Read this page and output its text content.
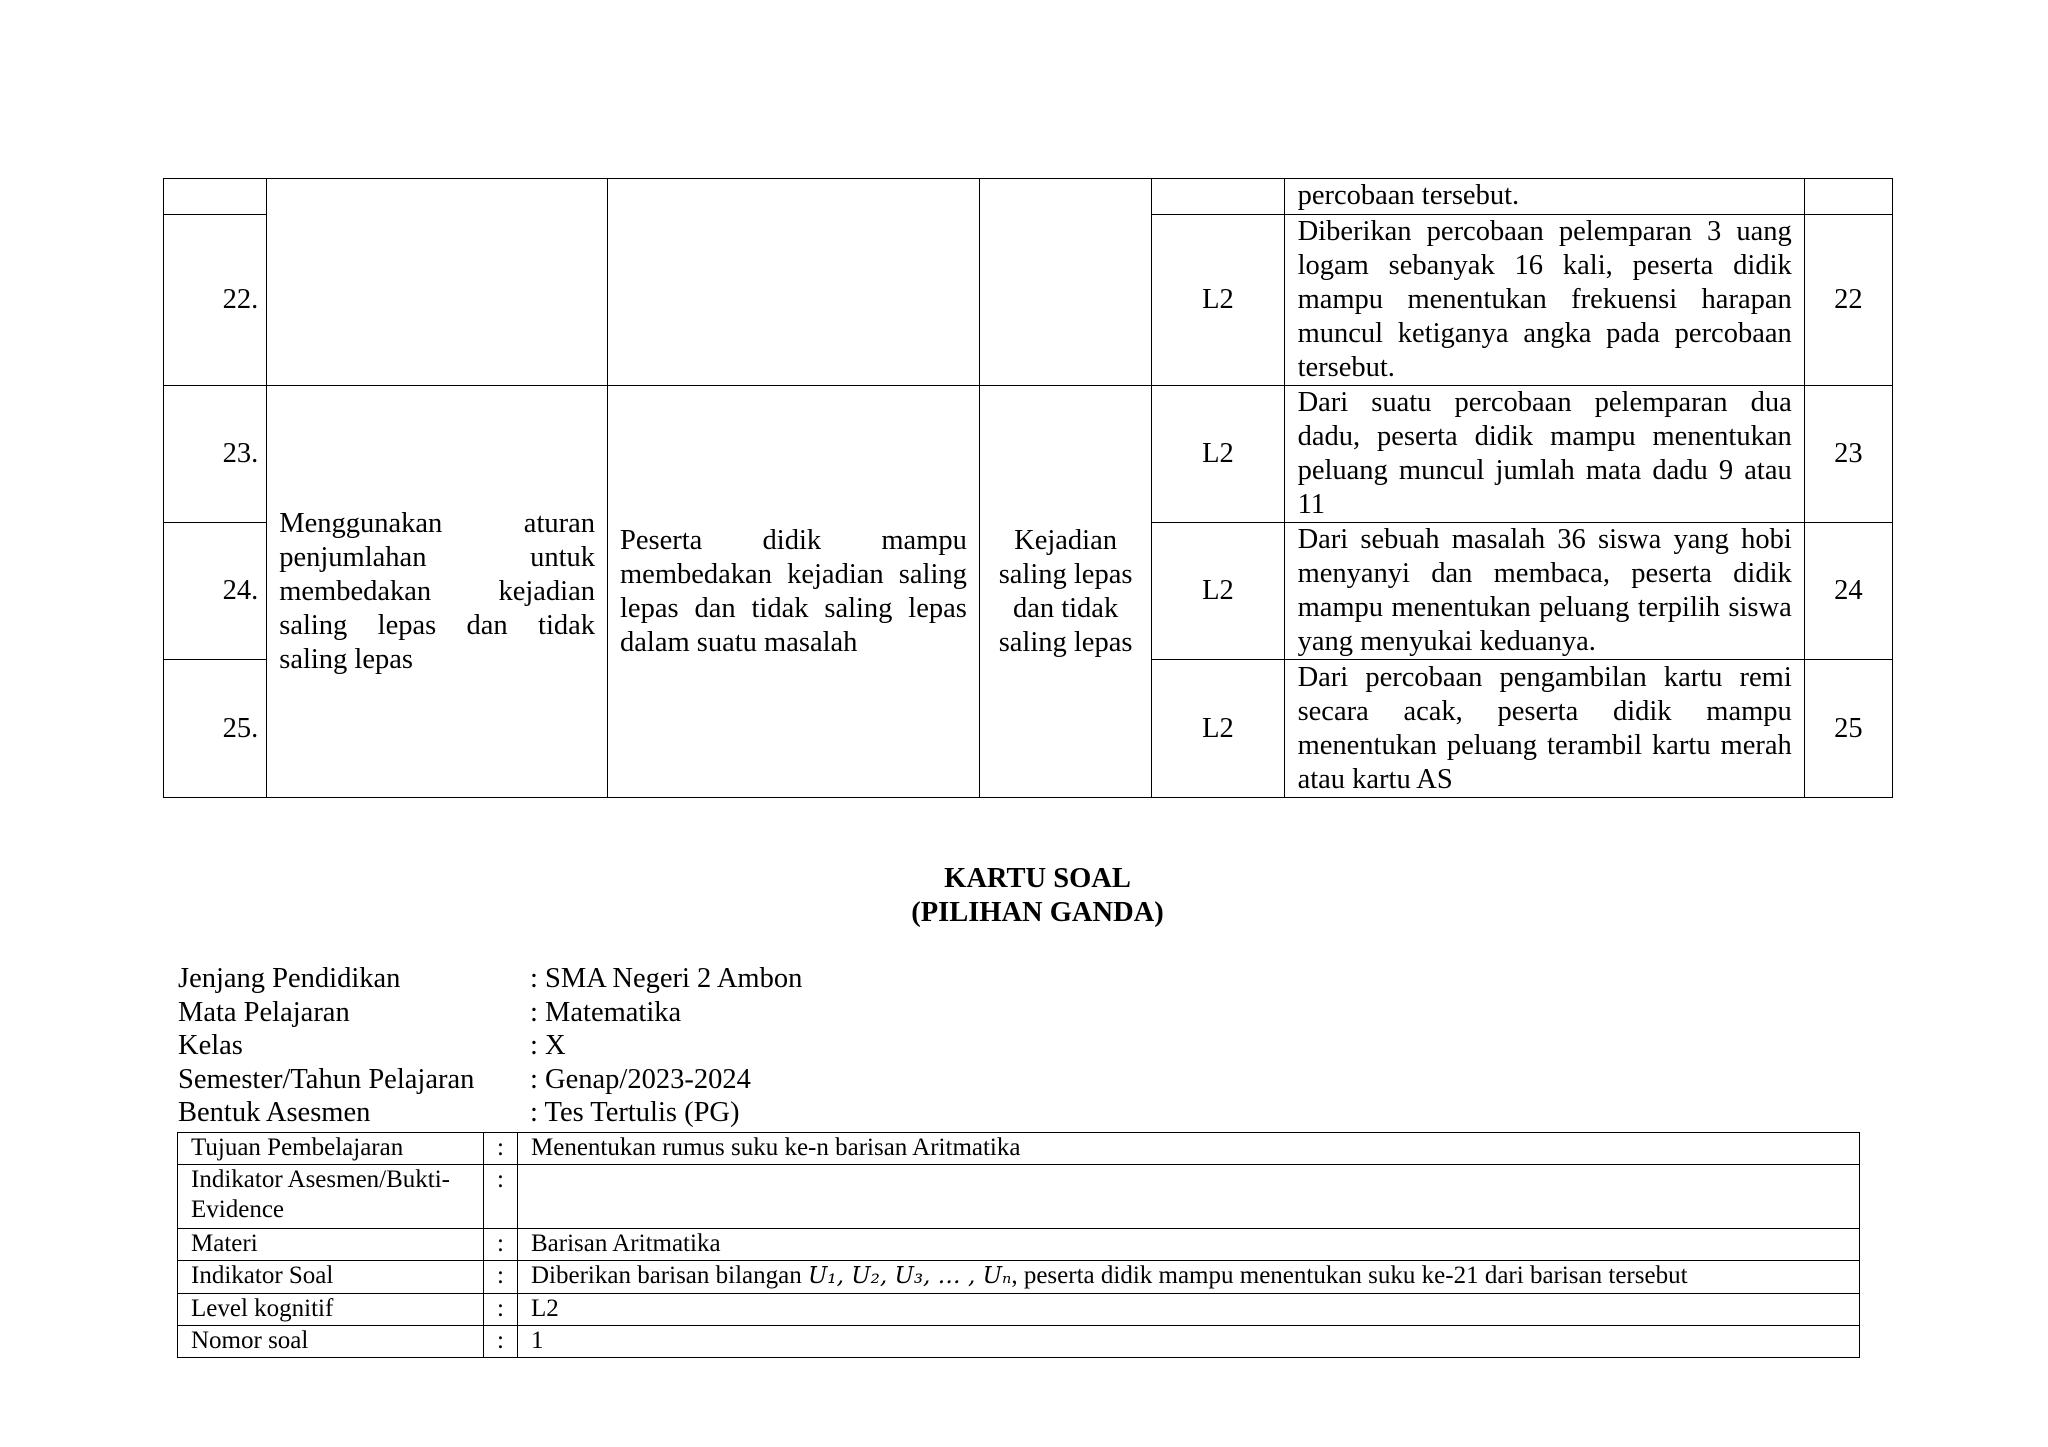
					percobaan tersebut.	
22.				L2	Diberikan percobaan pelemparan 3 uang logam sebanyak 16 kali, peserta didik mampu menentukan frekuensi harapan muncul ketiganya angka pada percobaan tersebut.	22
23.	Menggunakan aturan penjumlahan untuk membedakan kejadian saling lepas dan tidak saling lepas	Peserta didik mampu membedakan kejadian saling lepas dan tidak saling lepas dalam suatu masalah	Kejadian saling lepas dan tidak saling lepas	L2	Dari suatu percobaan pelemparan dua dadu, peserta didik mampu menentukan peluang muncul jumlah mata dadu 9 atau 11	23
24.				L2	Dari sebuah masalah 36 siswa yang hobi menyanyi dan membaca, peserta didik mampu menentukan peluang terpilih siswa yang menyukai keduanya.	24
25.				L2	Dari percobaan pengambilan kartu remi secara acak, peserta didik mampu menentukan peluang terambil kartu merah atau kartu AS	25
KARTU SOAL
(PILIHAN GANDA)
Jenjang Pendidikan	: SMA Negeri 2 Ambon
Mata Pelajaran	: Matematika
Kelas	: X
Semester/Tahun Pelajaran	: Genap/2023-2024
Bentuk Asesmen	: Tes Tertulis (PG)
Tujuan Pembelajaran	:	Menentukan rumus suku ke-n barisan Aritmatika
Indikator Asesmen/Bukti-Evidence	:	
Materi	:	Barisan Aritmatika
Indikator Soal	:	Diberikan barisan bilangan U₁, U₂, U₃, … , Uₙ, peserta didik mampu menentukan suku ke-21 dari barisan tersebut
Level kognitif	:	L2
Nomor soal	:	1
